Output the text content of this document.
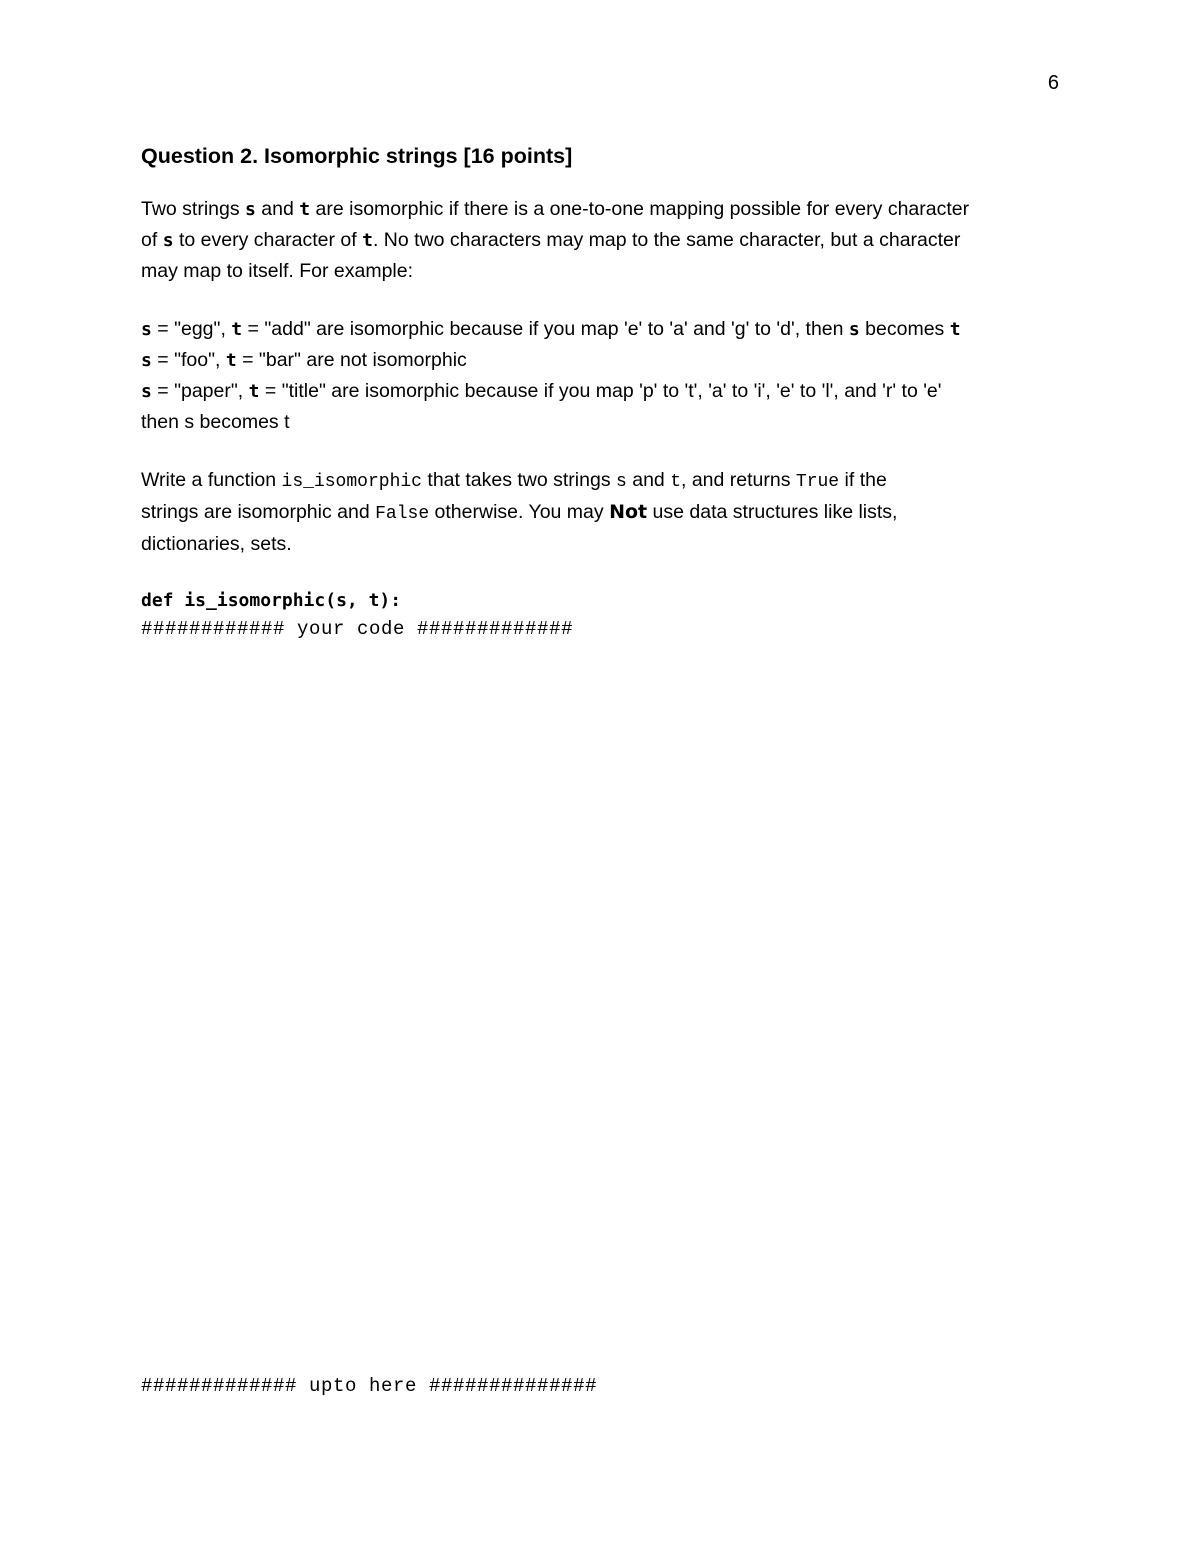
6
Question 2. Isomorphic strings [16 points]

Two strings s and t are isomorphic if there is a one-to-one mapping possible for every character
of s to every character of t. No two characters may map to the same character, but a character
may map to itself. For example:

s = "egg", t = "add" are isomorphic because if you map 'e' to 'a' and 'g' to 'd', then s becomes t
s = "foo", t = "bar" are not isomorphic
s = "paper", t = "title" are isomorphic because if you map 'p' to 't', 'a' to 'i', 'e' to 'l', and 'r' to 'e'
then s becomes t

Write a function is_isomorphic that takes two strings s and t, and returns True if the
strings are isomorphic and False otherwise. You may Not use data structures like lists,
dictionaries, sets.

def is_isomorphic(s, t):
############ your code #############
############# upto here ##############
